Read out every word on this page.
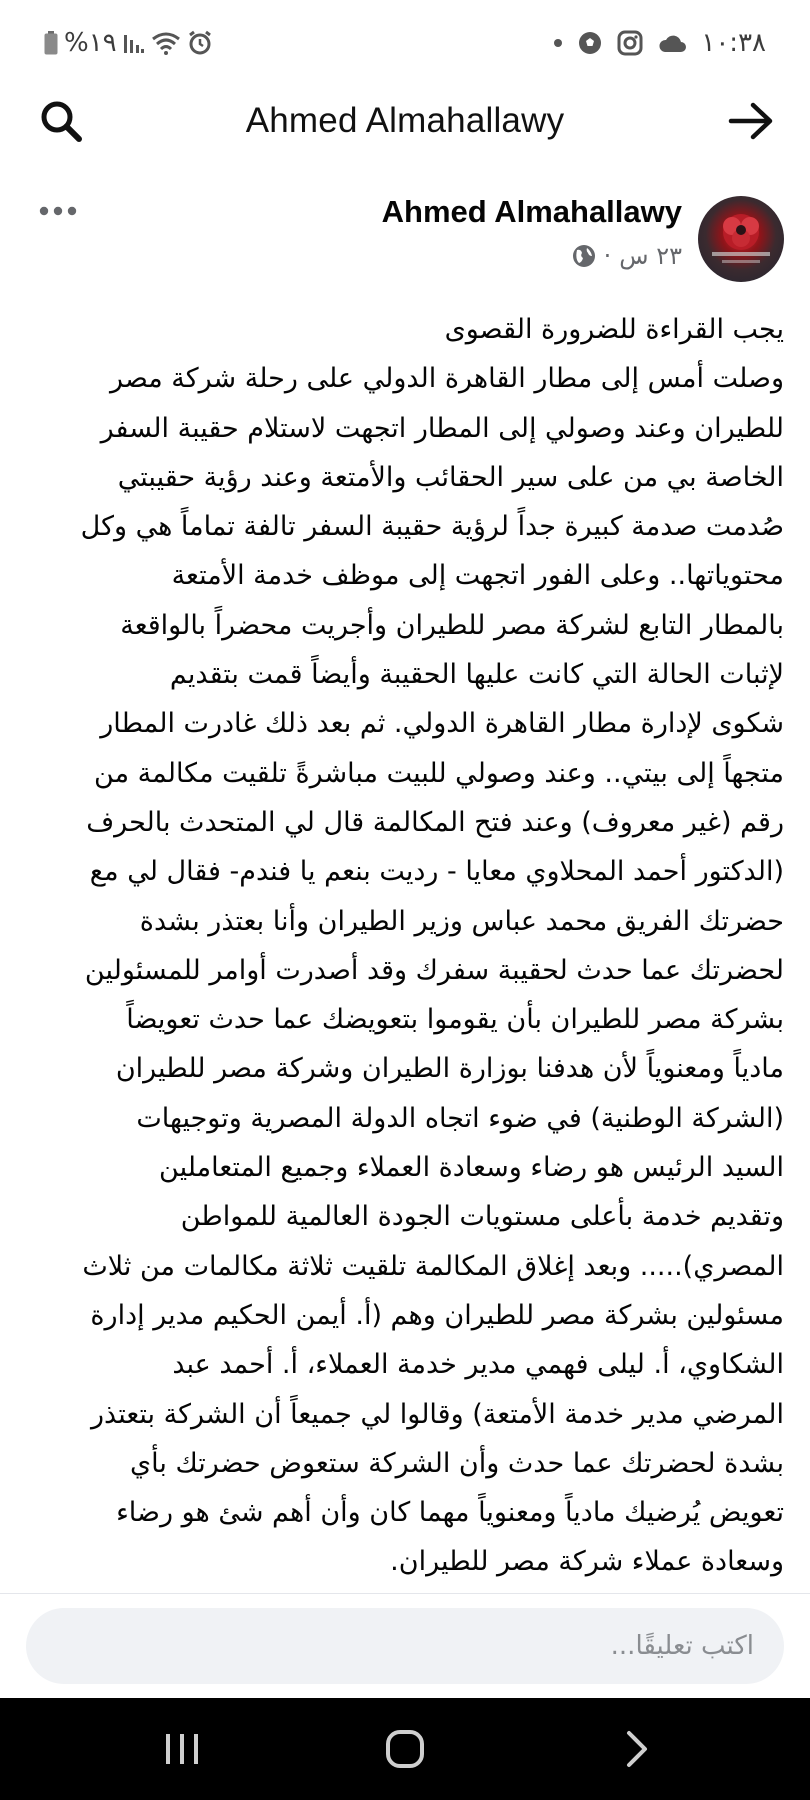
%١٩	١٠:٣٨
Ahmed Almahallawy
Ahmed Almahallawy
٢٣ س
·
يجب القراءة للضرورة القصوى
وصلت أمس إلى مطار القاهرة الدولي على رحلة شركة مصر
للطيران وعند وصولي إلى المطار اتجهت لاستلام حقيبة السفر
الخاصة بي من على سير الحقائب والأمتعة وعند رؤية حقيبتي
صُدمت صدمة كبيرة جداً لرؤية حقيبة السفر تالفة تماماً هي وكل
محتوياتها.. وعلى الفور اتجهت إلى موظف خدمة الأمتعة
بالمطار التابع لشركة مصر للطيران وأجريت محضراً بالواقعة
لإثبات الحالة التي كانت عليها الحقيبة وأيضاً قمت بتقديم
شكوى لإدارة مطار القاهرة الدولي. ثم بعد ذلك غادرت المطار
متجهاً إلى بيتي.. وعند وصولي للبيت مباشرةً تلقيت مكالمة من
رقم (غير معروف) وعند فتح المكالمة قال لي المتحدث بالحرف
(الدكتور أحمد المحلاوي معايا - رديت بنعم يا فندم- فقال لي مع
حضرتك الفريق محمد عباس وزير الطيران وأنا بعتذر بشدة
لحضرتك عما حدث لحقيبة سفرك وقد أصدرت أوامر للمسئولين
بشركة مصر للطيران بأن يقوموا بتعويضك عما حدث تعويضاً
مادياً ومعنوياً لأن هدفنا بوزارة الطيران وشركة مصر للطيران
(الشركة الوطنية) في ضوء اتجاه الدولة المصرية وتوجيهات
السيد الرئيس هو رضاء وسعادة العملاء وجميع المتعاملين
وتقديم خدمة بأعلى مستويات الجودة العالمية للمواطن
المصري)..... وبعد إغلاق المكالمة تلقيت ثلاثة مكالمات من ثلاث
مسئولين بشركة مصر للطيران وهم (أ. أيمن الحكيم مدير إدارة
الشكاوي، أ. ليلى فهمي مدير خدمة العملاء، أ. أحمد عبد
المرضي مدير خدمة الأمتعة) وقالوا لي جميعاً أن الشركة بتعتذر
بشدة لحضرتك عما حدث وأن الشركة ستعوض حضرتك بأي
تعويض يُرضيك مادياً ومعنوياً مهما كان وأن أهم شئ هو رضاء
وسعادة عملاء شركة مصر للطيران.
اكتب تعليقًا...
